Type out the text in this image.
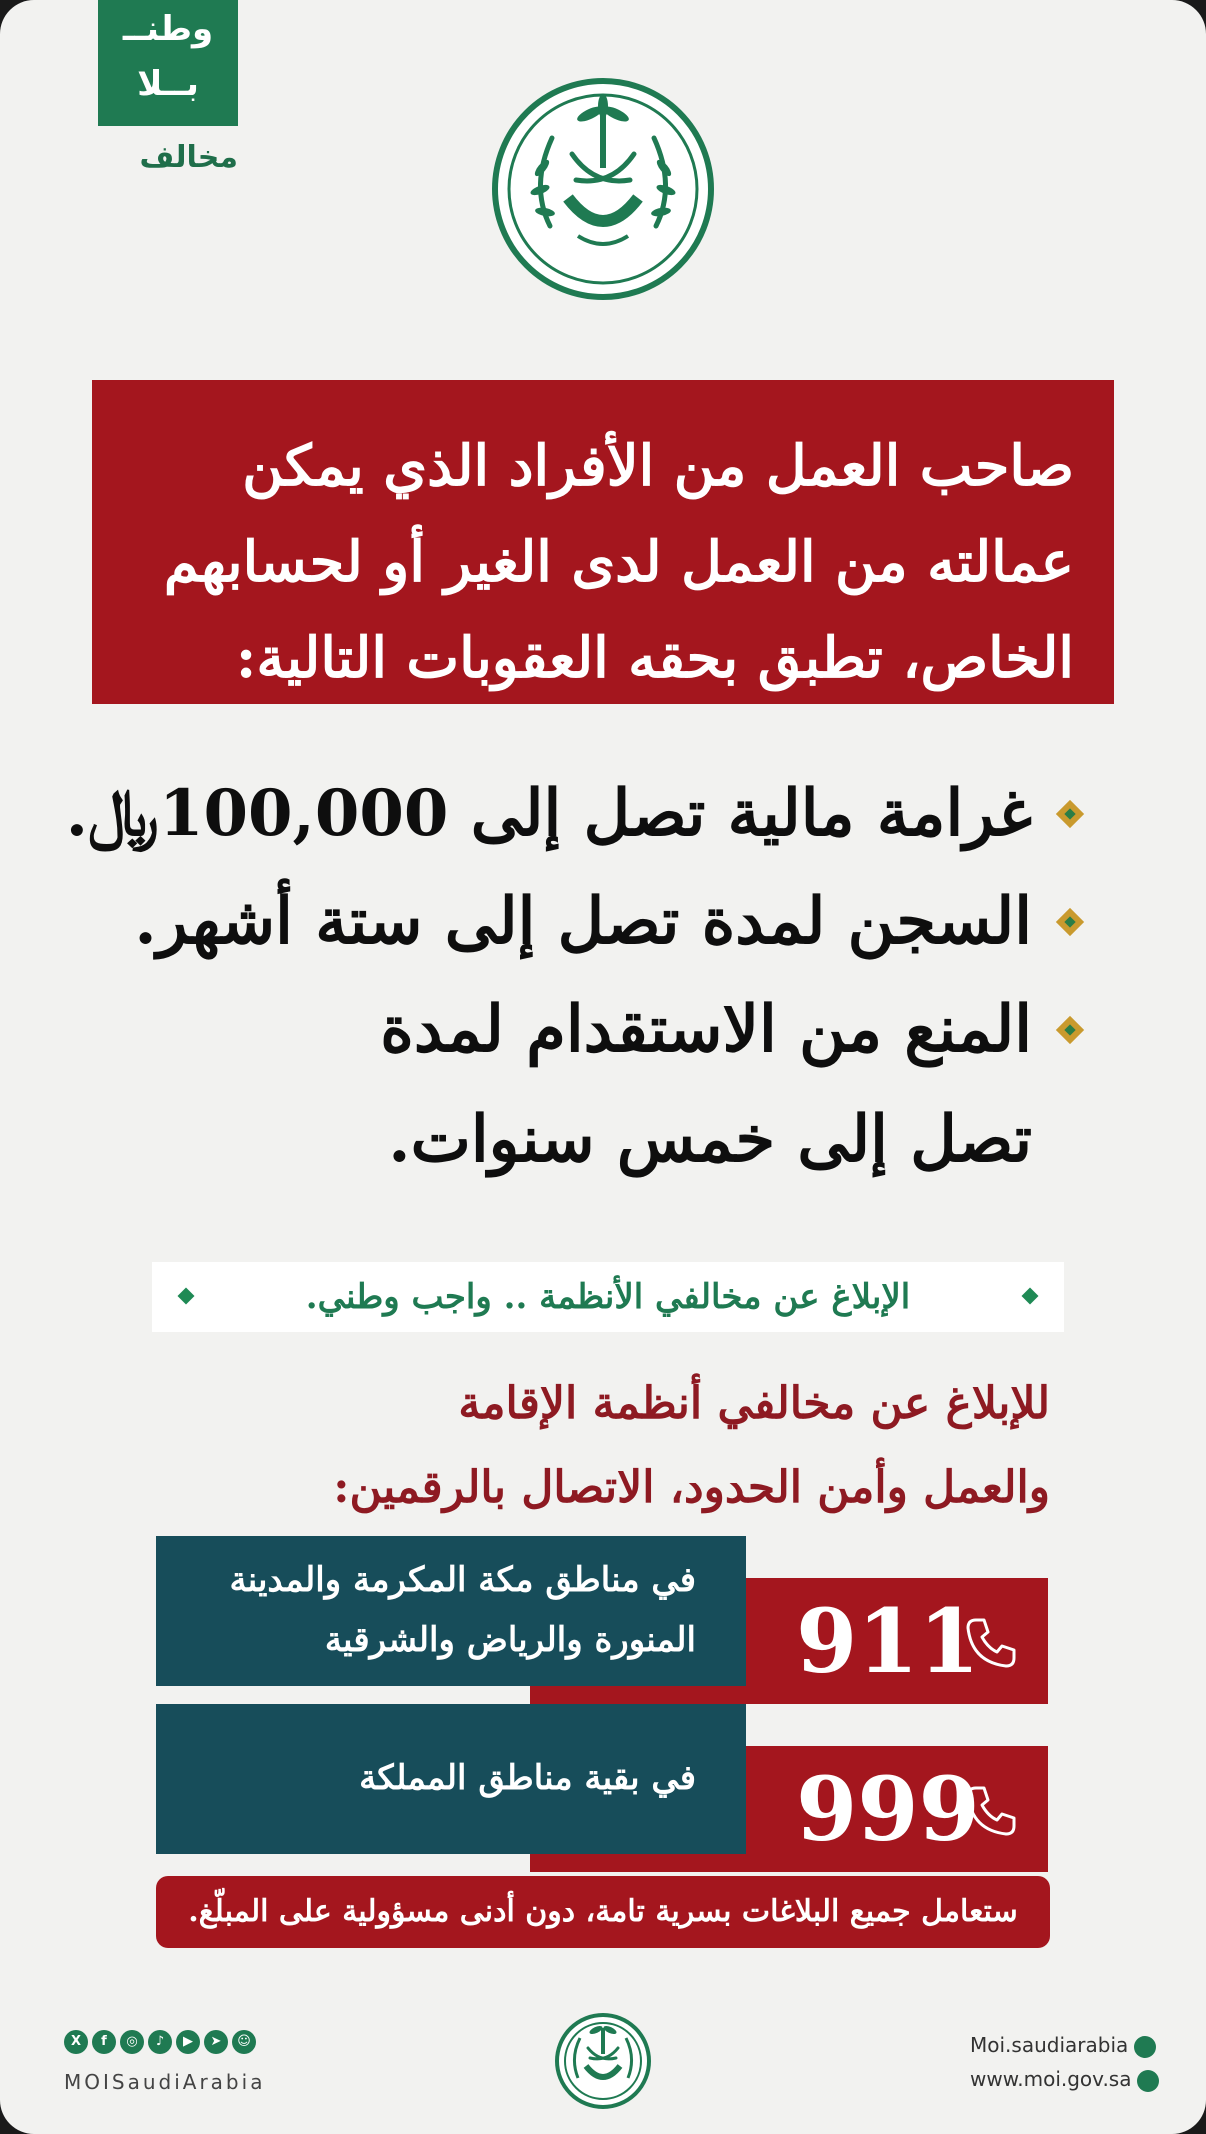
وطنــ
بــلا
مخالف
صاحب العمل من الأفراد الذي يمكن
عمالته من العمل لدى الغير أو لحسابهم
الخاص، تطبق بحقه العقوبات التالية:
غرامة مالية تصل إلى 100,000﷼.
السجن لمدة تصل إلى ستة أشهر.
المنع من الاستقدام لمدة
تصل إلى خمس سنوات.
الإبلاغ عن مخالفي الأنظمة .. واجب وطني.
للإبلاغ عن مخالفي أنظمة الإقامة
والعمل وأمن الحدود، الاتصال بالرقمين:
في مناطق مكة المكرمة والمدينة
المنورة والرياض والشرقية 911
في بقية مناطق المملكة 999
ستعامل جميع البلاغات بسرية تامة، دون أدنى مسؤولية على المبلّغ.
X f ◎ ♪ ▶ ➤ ☺
MOISaudiArabia
Moi.saudiarabia
www.moi.gov.sa
